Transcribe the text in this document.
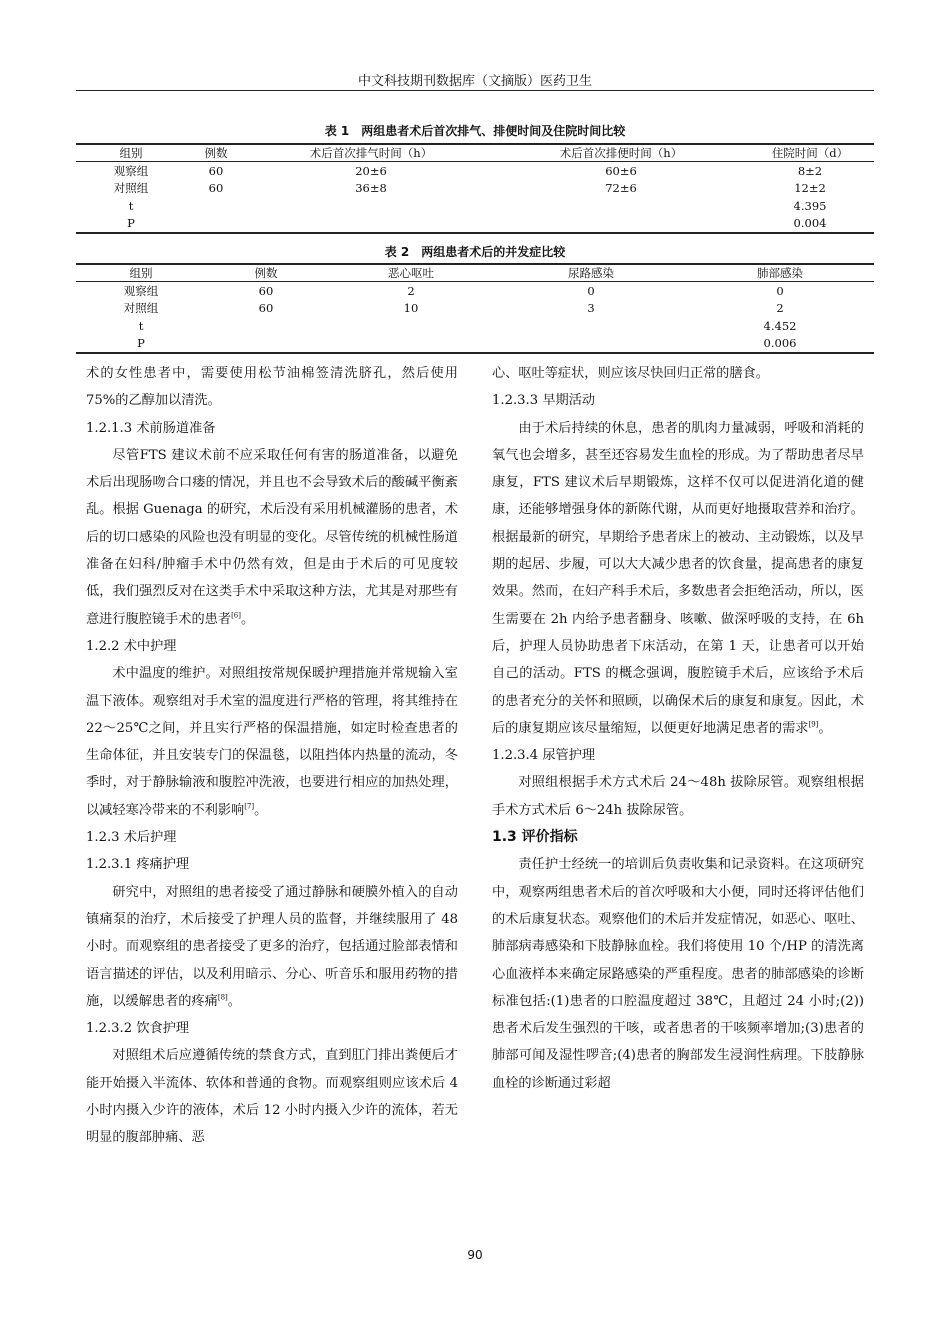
中文科技期刊数据库（文摘版）医药卫生
表 1　两组患者术后首次排气、排便时间及住院时间比较
组别	例数	术后首次排气时间（h）	术后首次排便时间（h）	住院时间（d）
观察组	60	20±6	60±6	8±2
对照组	60	36±8	72±6	12±2
t				4.395
P				0.004
表 2　两组患者术后的并发症比较
组别	例数	恶心呕吐	尿路感染	肺部感染
观察组	60	2	0	0
对照组	60	10	3	2
t				4.452
P				0.006

术的女性患者中，需要使用松节油棉签清洗脐孔，然后使用 75%的乙醇加以清洗。

1.2.1.3 术前肠道准备

尽管FTS 建议术前不应采取任何有害的肠道准备，以避免术后出现肠吻合口瘘的情况，并且也不会导致术后的酸碱平衡紊乱。根据 Guenaga 的研究，术后没有采用机械灌肠的患者，术后的切口感染的风险也没有明显的变化。尽管传统的机械性肠道准备在妇科/肿瘤手术中仍然有效，但是由于术后的可见度较低，我们强烈反对在这类手术中采取这种方法，尤其是对那些有意进行腹腔镜手术的患者[6]。

1.2.2 术中护理

术中温度的维护。对照组按常规保暖护理措施并常规输入室温下液体。观察组对手术室的温度进行严格的管理，将其维持在 22～25℃之间，并且实行严格的保温措施，如定时检查患者的生命体征，并且安装专门的保温毯，以阻挡体内热量的流动，冬季时，对于静脉输液和腹腔冲洗液，也要进行相应的加热处理，以减轻寒冷带来的不利影响[7]。

1.2.3 术后护理

1.2.3.1 疼痛护理

研究中，对照组的患者接受了通过静脉和硬膜外植入的自动镇痛泵的治疗，术后接受了护理人员的监督，并继续服用了 48 小时。而观察组的患者接受了更多的治疗，包括通过脸部表情和语言描述的评估，以及利用暗示、分心、听音乐和服用药物的措施，以缓解患者的疼痛[8]。

1.2.3.2 饮食护理

对照组术后应遵循传统的禁食方式，直到肛门排出粪便后才能开始摄入半流体、软体和普通的食物。而观察组则应该术后 4 小时内摄入少许的液体，术后 12 小时内摄入少许的流体，若无明显的腹部肿痛、恶

心、呕吐等症状，则应该尽快回归正常的膳食。

1.2.3.3 早期活动

由于术后持续的休息，患者的肌肉力量减弱，呼吸和消耗的氧气也会增多，甚至还容易发生血栓的形成。为了帮助患者尽早康复，FTS 建议术后早期锻炼，这样不仅可以促进消化道的健康，还能够增强身体的新陈代谢，从而更好地摄取营养和治疗。根据最新的研究，早期给予患者床上的被动、主动锻炼，以及早期的起居、步履，可以大大减少患者的饮食量，提高患者的康复效果。然而，在妇产科手术后，多数患者会拒绝活动，所以，医生需要在 2h 内给予患者翻身、咳嗽、做深呼吸的支持，在 6h 后，护理人员协助患者下床活动，在第 1 天，让患者可以开始自己的活动。FTS 的概念强调，腹腔镜手术后，应该给予术后的患者充分的关怀和照顾，以确保术后的康复和康复。因此，术后的康复期应该尽量缩短，以便更好地满足患者的需求[9]。

1.2.3.4 尿管护理

对照组根据手术方式术后 24～48h 拔除尿管。观察组根据手术方式术后 6～24h 拔除尿管。

1.3 评价指标

责任护士经统一的培训后负责收集和记录资料。在这项研究中，观察两组患者术后的首次呼吸和大小便，同时还将评估他们的术后康复状态。观察他们的术后并发症情况，如恶心、呕吐、肺部病毒感染和下肢静脉血栓。我们将使用 10 个/HP 的清洗离心血液样本来确定尿路感染的严重程度。患者的肺部感染的诊断标准包括:(1)患者的口腔温度超过 38℃，且超过 24 小时;(2))患者术后发生强烈的干咳，或者患者的干咳频率增加;(3)患者的肺部可闻及湿性啰音;(4)患者的胸部发生浸润性病理。下肢静脉血栓的诊断通过彩超

90
